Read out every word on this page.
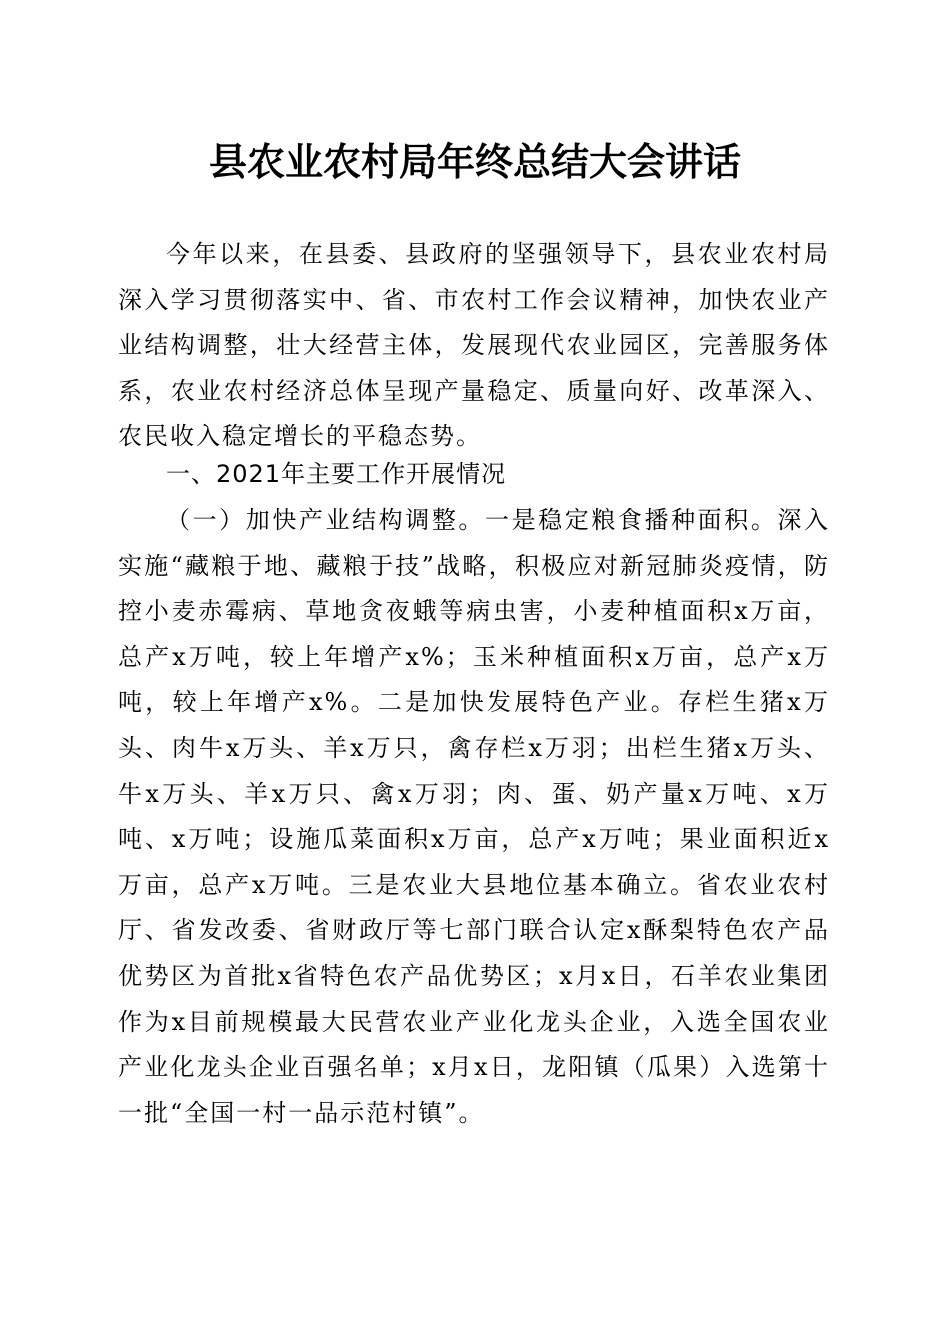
县农业农村局年终总结大会讲话
今年以来，在县委、县政府的坚强领导下，县农业农村局深入学习贯彻落实中、省、市农村工作会议精神，加快农业产业结构调整，壮大经营主体，发展现代农业园区，完善服务体系，农业农村经济总体呈现产量稳定、质量向好、改革深入、农民收入稳定增长的平稳态势。
一、2021年主要工作开展情况
（一）加快产业结构调整。一是稳定粮食播种面积。深入实施“藏粮于地、藏粮于技”战略，积极应对新冠肺炎疫情，防控小麦赤霉病、草地贪夜蛾等病虫害，小麦种植面积x万亩，总产x万吨，较上年增产x%；玉米种植面积x万亩，总产x万吨，较上年增产x%。二是加快发展特色产业。存栏生猪x万头、肉牛x万头、羊x万只，禽存栏x万羽；出栏生猪x万头、牛x万头、羊x万只、禽x万羽；肉、蛋、奶产量x万吨、x万吨、x万吨；设施瓜菜面积x万亩，总产x万吨；果业面积近x万亩，总产x万吨。三是农业大县地位基本确立。省农业农村厅、省发改委、省财政厅等七部门联合认定x酥梨特色农产品优势区为首批x省特色农产品优势区；x月x日，石羊农业集团作为x目前规模最大民营农业产业化龙头企业，入选全国农业产业化龙头企业百强名单；x月x日，龙阳镇（瓜果）入选第十一批“全国一村一品示范村镇”。
